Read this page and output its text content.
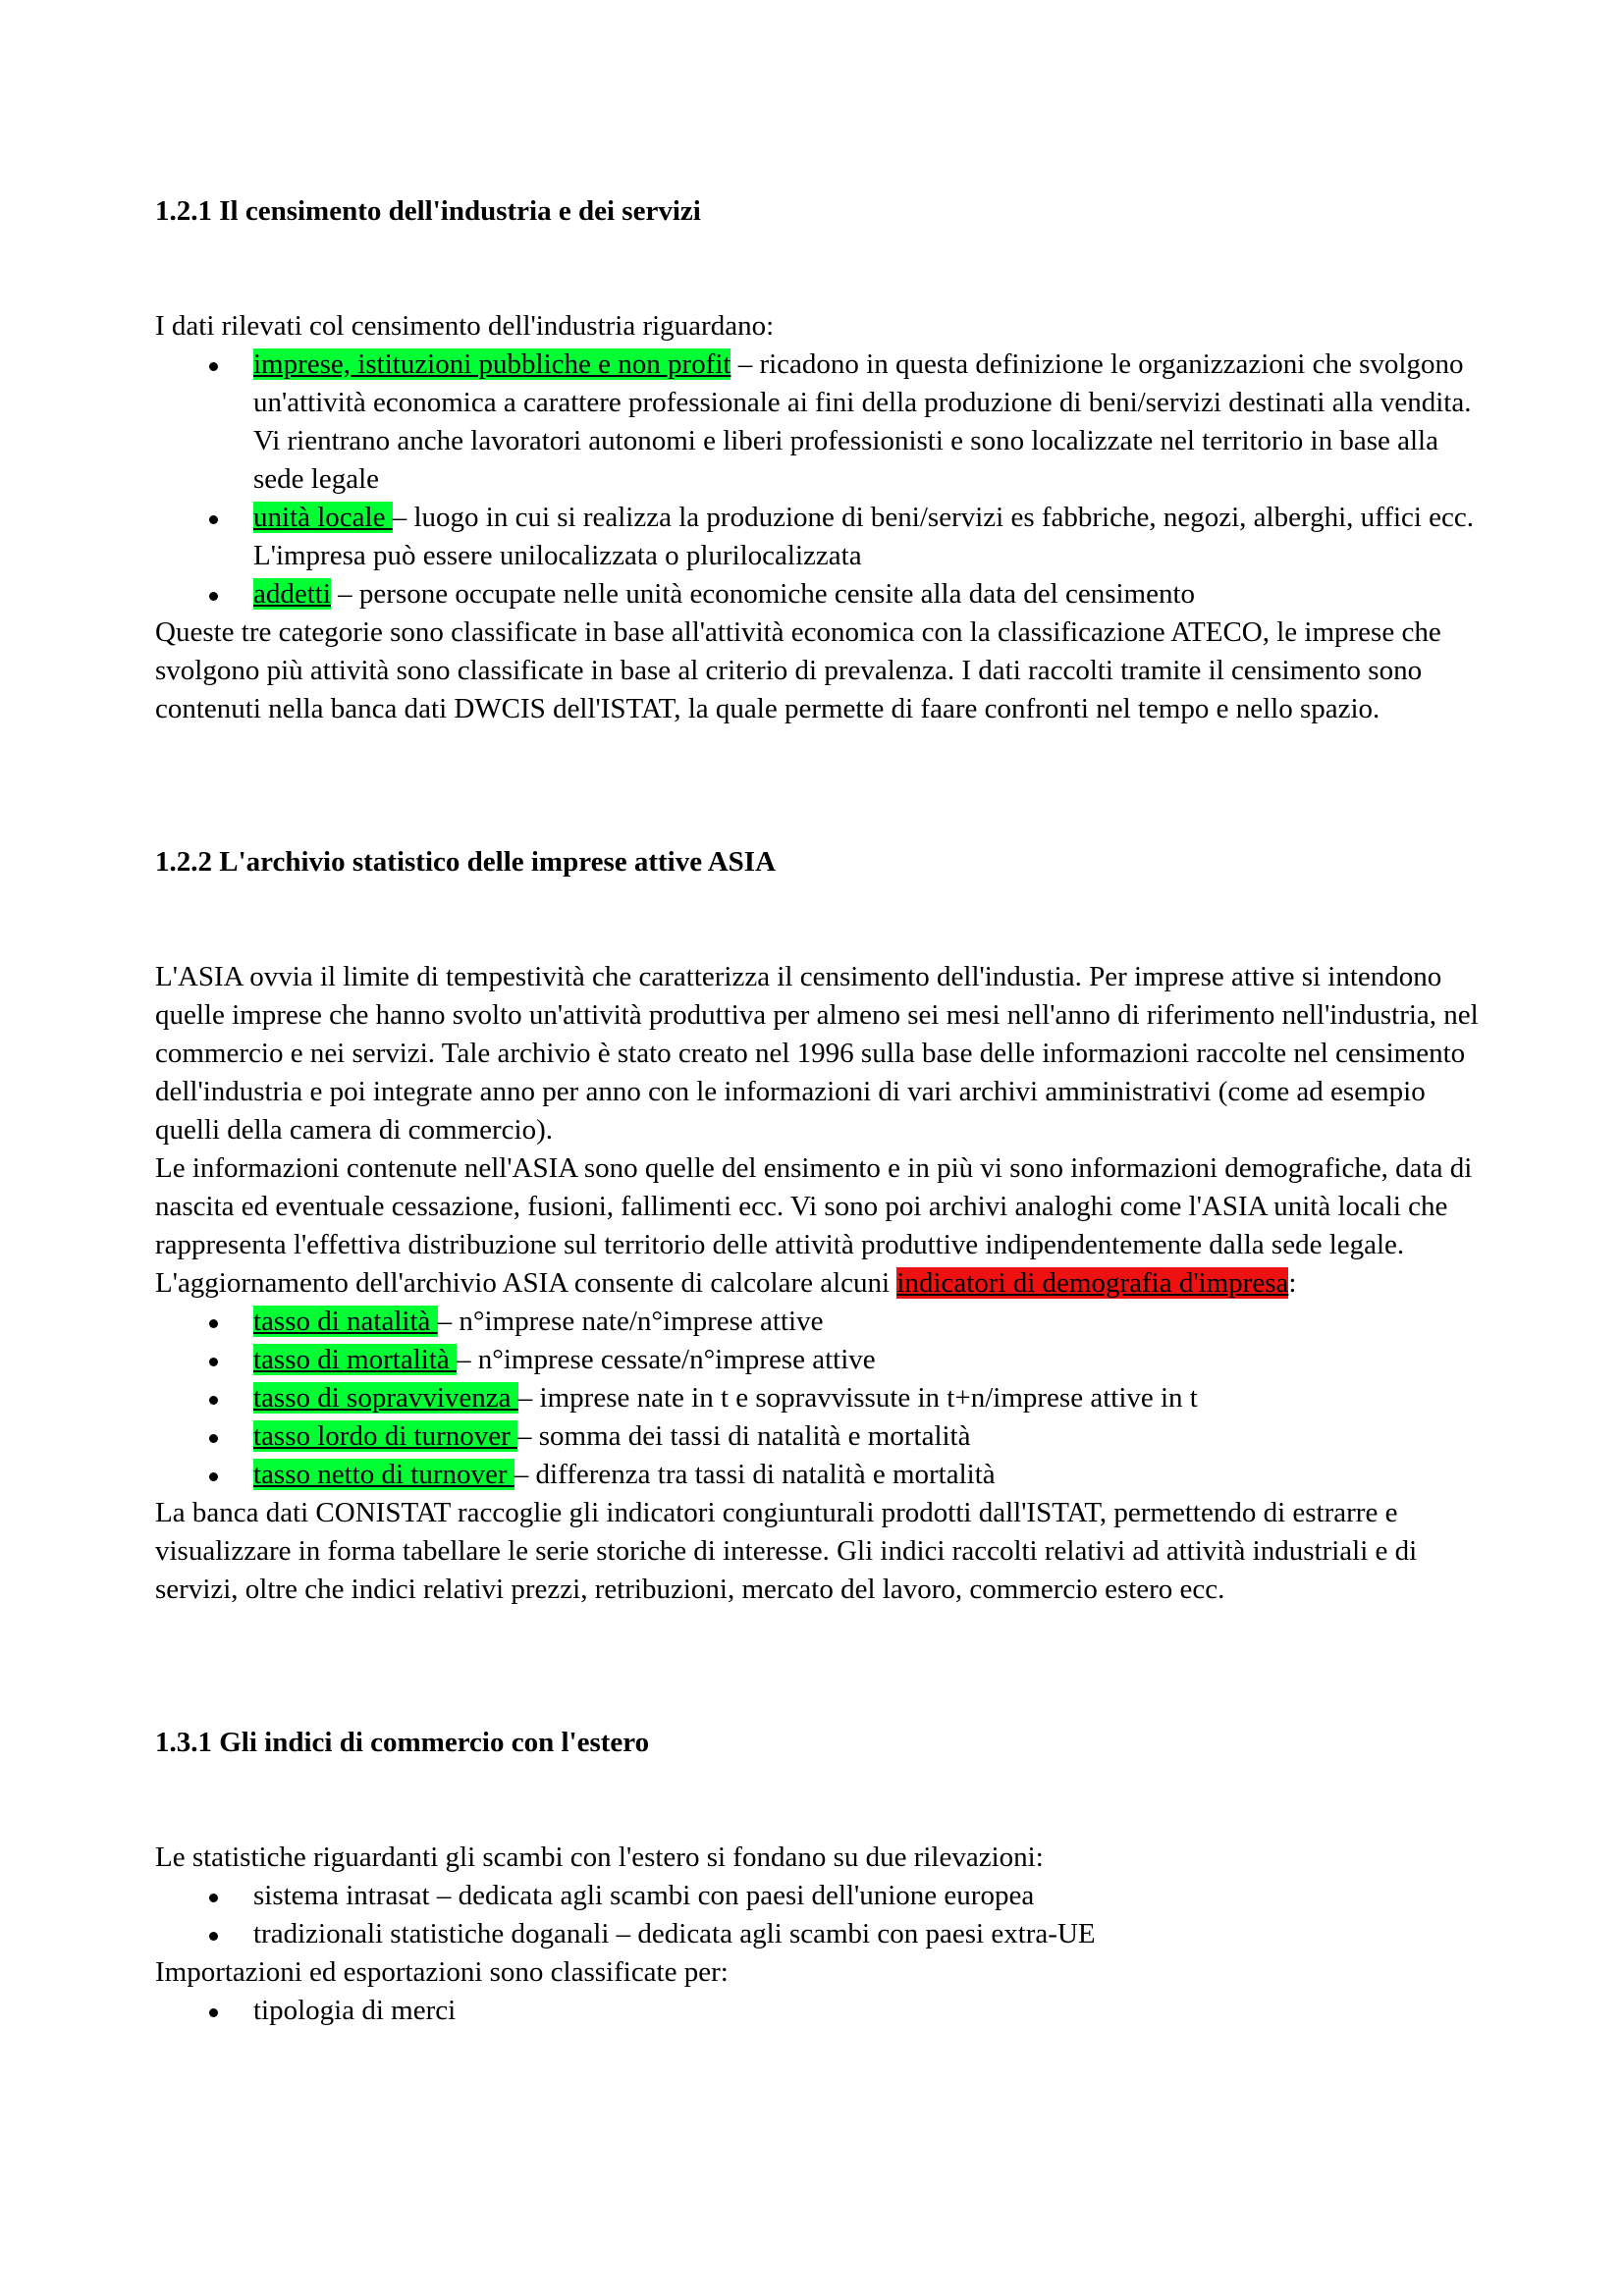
1.2.1 Il censimento dell'industria e dei servizi

I dati rilevati col censimento dell'industria riguardano:

imprese, istituzioni pubbliche e non profit – ricadono in questa definizione le organizzazioni che svolgono un'attività economica a carattere professionale ai fini della produzione di beni/servizi destinati alla vendita. Vi rientrano anche lavoratori autonomi e liberi professionisti e sono localizzate nel territorio in base alla sede legale
unità locale – luogo in cui si realizza la produzione di beni/servizi es fabbriche, negozi, alberghi, uffici ecc. L'impresa può essere unilocalizzata o plurilocalizzata
addetti – persone occupate nelle unità economiche censite alla data del censimento

Queste tre categorie sono classificate in base all'attività economica con la classificazione ATECO, le imprese che svolgono più attività sono classificate in base al criterio di prevalenza. I dati raccolti tramite il censimento sono contenuti nella banca dati DWCIS dell'ISTAT, la quale permette di faare confronti nel tempo e nello spazio.

1.2.2 L'archivio statistico delle imprese attive ASIA

L'ASIA ovvia il limite di tempestività che caratterizza il censimento dell'industia. Per imprese attive si intendono quelle imprese che hanno svolto un'attività produttiva per almeno sei mesi nell'anno di riferimento nell'industria, nel commercio e nei servizi. Tale archivio è stato creato nel 1996 sulla base delle informazioni raccolte nel censimento dell'industria e poi integrate anno per anno con le informazioni di vari archivi amministrativi (come ad esempio quelli della camera di commercio).

Le informazioni contenute nell'ASIA sono quelle del ensimento e in più vi sono informazioni demografiche, data di nascita ed eventuale cessazione, fusioni, fallimenti ecc. Vi sono poi archivi analoghi come l'ASIA unità locali che rappresenta l'effettiva distribuzione sul territorio delle attività produttive indipendentemente dalla sede legale.

L'aggiornamento dell'archivio ASIA consente di calcolare alcuni indicatori di demografia d'impresa:

tasso di natalità – n°imprese nate/n°imprese attive
tasso di mortalità – n°imprese cessate/n°imprese attive
tasso di sopravvivenza – imprese nate in t e sopravvissute in t+n/imprese attive in t
tasso lordo di turnover – somma dei tassi di natalità e mortalità
tasso netto di turnover – differenza tra tassi di natalità e mortalità

La banca dati CONISTAT raccoglie gli indicatori congiunturali prodotti dall'ISTAT, permettendo di estrarre e visualizzare in forma tabellare le serie storiche di interesse. Gli indici raccolti relativi ad attività industriali e di servizi, oltre che indici relativi prezzi, retribuzioni, mercato del lavoro, commercio estero ecc.

1.3.1 Gli indici di commercio con l'estero

Le statistiche riguardanti gli scambi con l'estero si fondano su due rilevazioni:

sistema intrasat – dedicata agli scambi con paesi dell'unione europea
tradizionali statistiche doganali – dedicata agli scambi con paesi extra-UE

Importazioni ed esportazioni sono classificate per:

tipologia di merci
